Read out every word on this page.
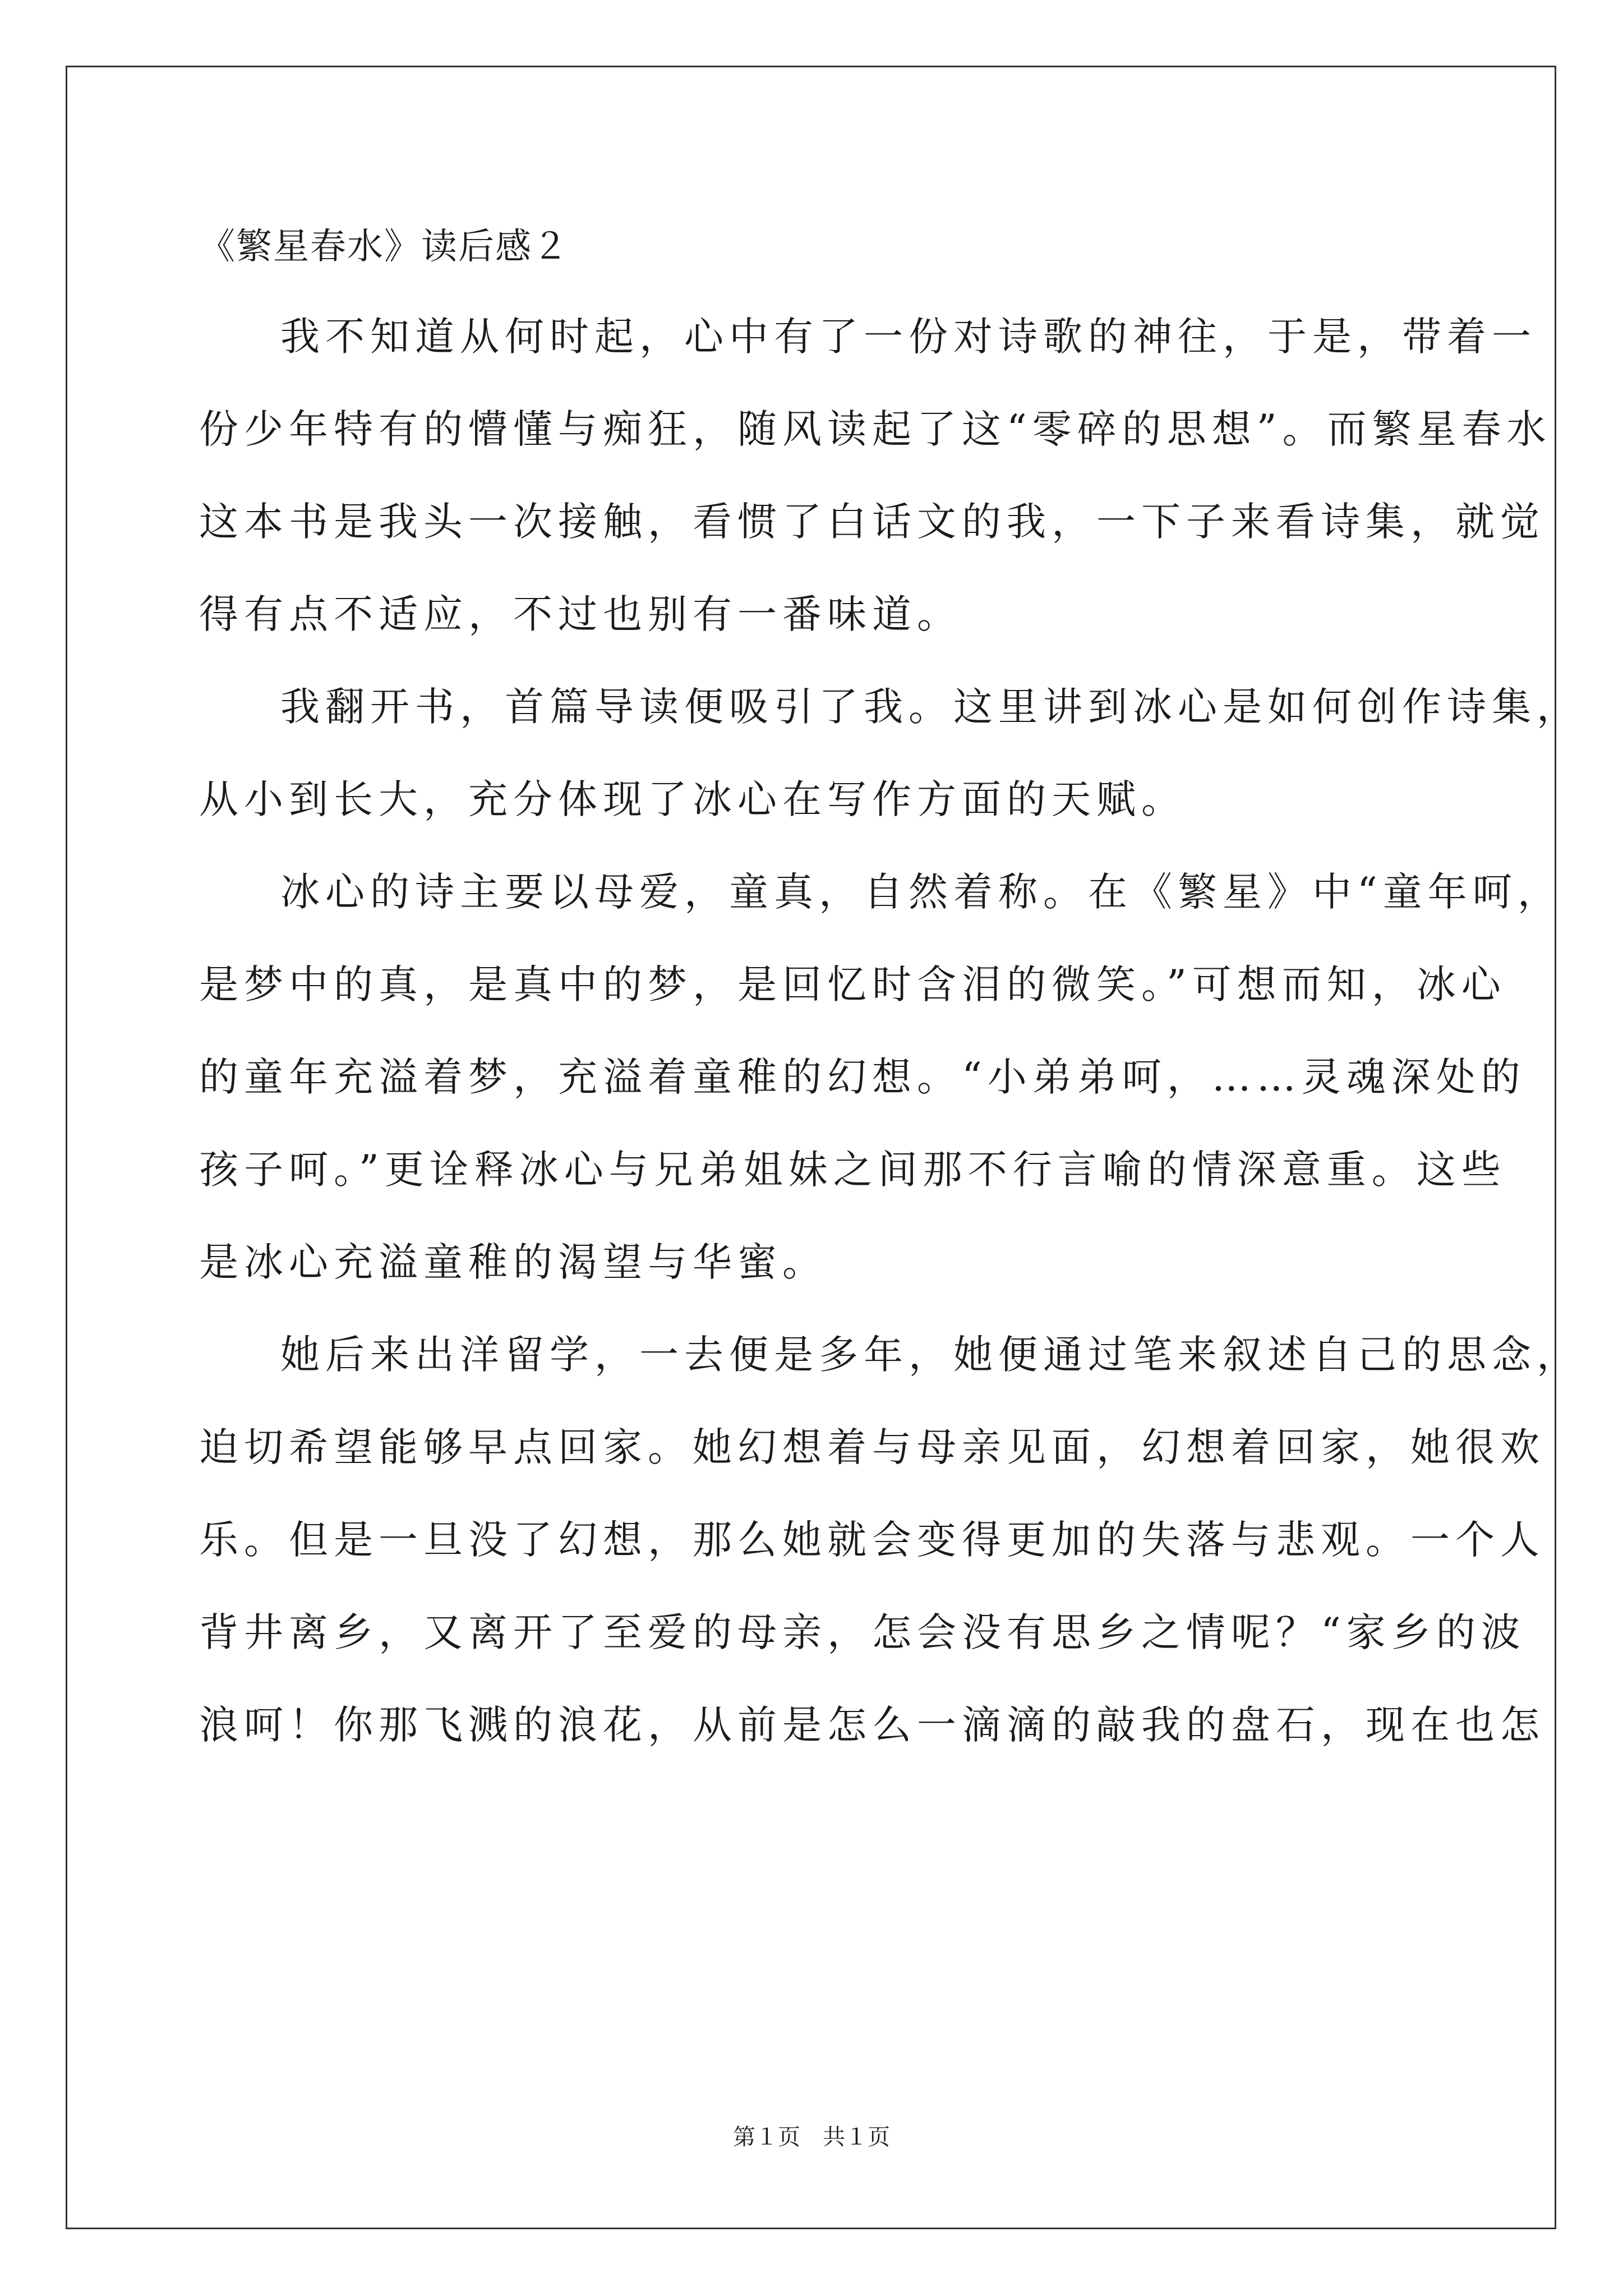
《繁星春水》读后感２
我不知道从何时起，心中有了一份对诗歌的神往，于是，带着一
份少年特有的懵懂与痴狂，随风读起了这“零碎的思想”。而繁星春水
这本书是我头一次接触，看惯了白话文的我，一下子来看诗集，就觉
得有点不适应，不过也别有一番味道。
我翻开书，首篇导读便吸引了我。这里讲到冰心是如何创作诗集，
从小到长大，充分体现了冰心在写作方面的天赋。
冰心的诗主要以母爱，童真，自然着称。在《繁星》中“童年呵，
是梦中的真，是真中的梦，是回忆时含泪的微笑。”可想而知，冰心
的童年充溢着梦，充溢着童稚的幻想。“小弟弟呵，……灵魂深处的
孩子呵。”更诠释冰心与兄弟姐妹之间那不行言喻的情深意重。这些
是冰心充溢童稚的渴望与华蜜。
她后来出洋留学，一去便是多年，她便通过笔来叙述自己的思念，
迫切希望能够早点回家。她幻想着与母亲见面，幻想着回家，她很欢
乐。但是一旦没了幻想，那么她就会变得更加的失落与悲观。一个人
背井离乡，又离开了至爱的母亲，怎会没有思乡之情呢？“家乡的波
浪呵！你那飞溅的浪花，从前是怎么一滴滴的敲我的盘石，现在也怎
第１页　共１页
